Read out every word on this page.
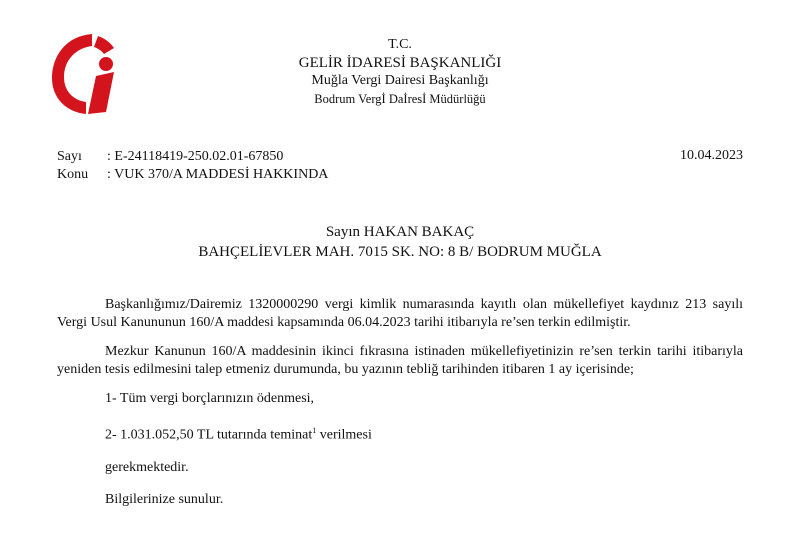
T.C.
GELİR İDARESİ BAŞKANLIĞI
Muğla Vergi Dairesi Başkanlığı
Bodrum Vergİ Daİresİ Müdürlüğü
Sayı	: E-24118419-250.02.01-67850
Konu	: VUK 370/A MADDESİ HAKKINDA
10.04.2023
Sayın HAKAN BAKAÇ
BAHÇELİEVLER MAH. 7015 SK. NO: 8 B/ BODRUM MUĞLA

Başkanlığımız/Dairemiz 1320000290 vergi kimlik numarasında kayıtlı olan mükellefiyet kaydınız 213 sayılı Vergi Usul Kanununun 160/A maddesi kapsamında 06.04.2023 tarihi itibarıyla re’sen terkin edilmiştir.

Mezkur Kanunun 160/A maddesinin ikinci fıkrasına istinaden mükellefiyetinizin re’sen terkin tarihi itibarıyla yeniden tesis edilmesini talep etmeniz durumunda, bu yazının tebliğ tarihinden itibaren 1 ay içerisinde;

1- Tüm vergi borçlarınızın ödenmesi,
2- 1.031.052,50 TL tutarında teminat$^1$ verilmesi
gerekmektedir.
Bilgilerinize sunulur.
